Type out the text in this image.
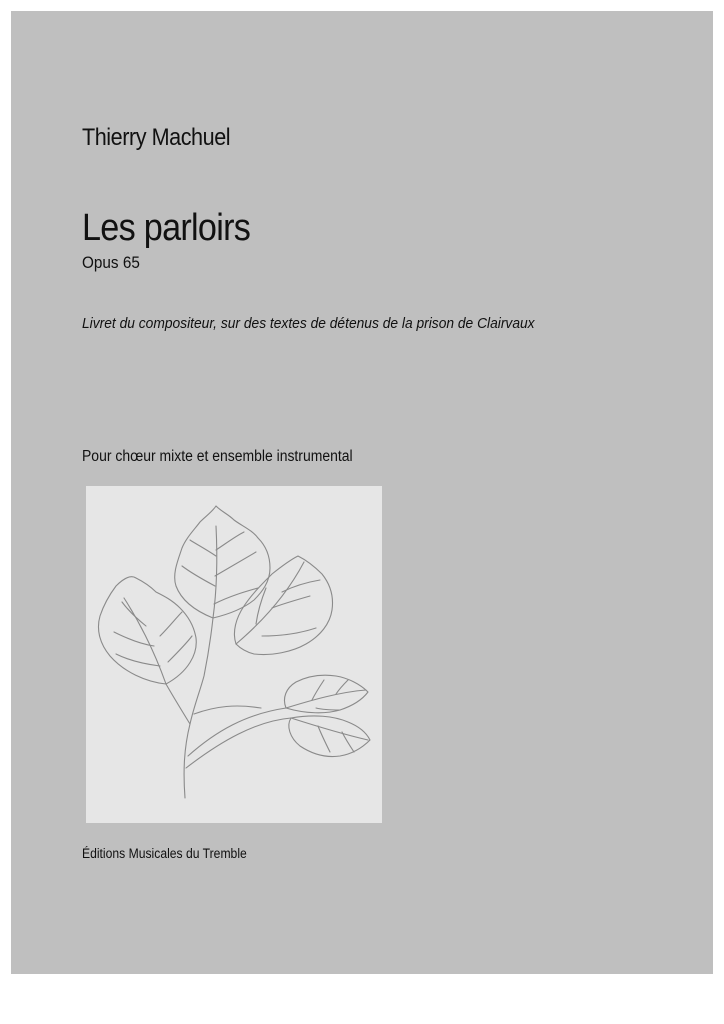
Thierry Machuel
Les parloirs
Opus 65
Livret du compositeur, sur des textes de détenus de la prison de Clairvaux
Pour chœur mixte et ensemble instrumental
Éditions Musicales du Tremble
